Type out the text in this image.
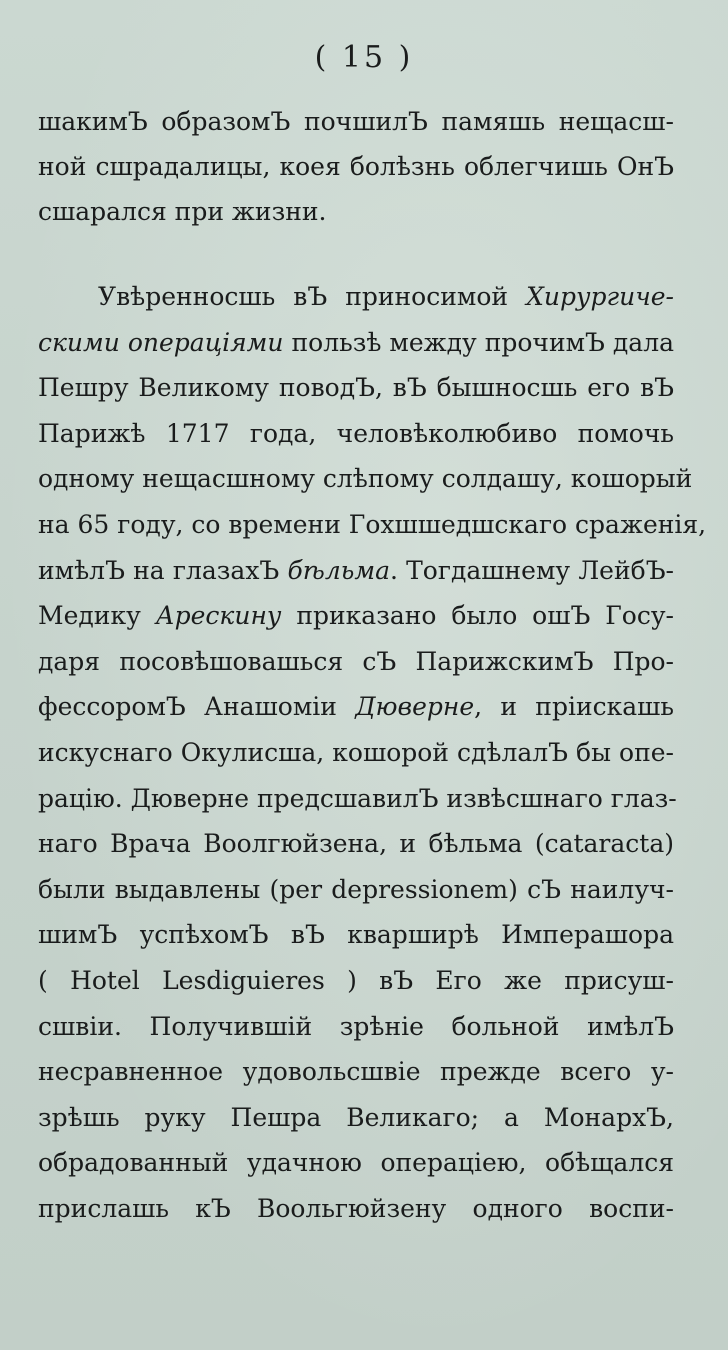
( 15 )
шакимЪ образомЪ почшилЪ памяшь нещасш-
ной сшрадалицы, коея болѣзнь облегчишь ОнЪ
сшарался при жизни.
Увѣренносшь вЪ приносимой Хирургиче-
скими операціями пользѣ между прочимЪ дала
Пешру Великому поводЪ, вЪ бышносшь его вЪ
Парижѣ 1717 года, человѣколюбиво помочь
одному нещасшному слѣпому солдашу, кошорый
на 65 году, со времени Гохшшедшскаго сраженія,
имѣлЪ на глазахЪ бѣльма. Тогдашнему ЛейбЪ-
Медику Арескину приказано было ошЪ Госу-
даря посовѣшовашься сЪ ПарижскимЪ Про-
фессоромЪ Анашоміи Дюверне, и пріискашь
искуснаго Окулисша, кошорой сдѣлалЪ бы опе-
рацію. Дюверне предсшавилЪ извѣсшнаго глаз-
наго Врача Воолгюйзена, и бѣльма (cataracta)
были выдавлены (per depressionem) сЪ наилуч-
шимЪ успѣхомЪ вЪ кварширѣ Имперашора
( Hotel Lesdiguieres ) вЪ Его же присуш-
сшвіи. Получившій зрѣніе больной имѣлЪ
несравненное удовольсшвіе прежде всего у-
зрѣшь руку Пешра Великаго; а МонархЪ,
обрадованный удачною операціею, обѣщался
прислашь кЪ Воольгюйзену одного воспи-
